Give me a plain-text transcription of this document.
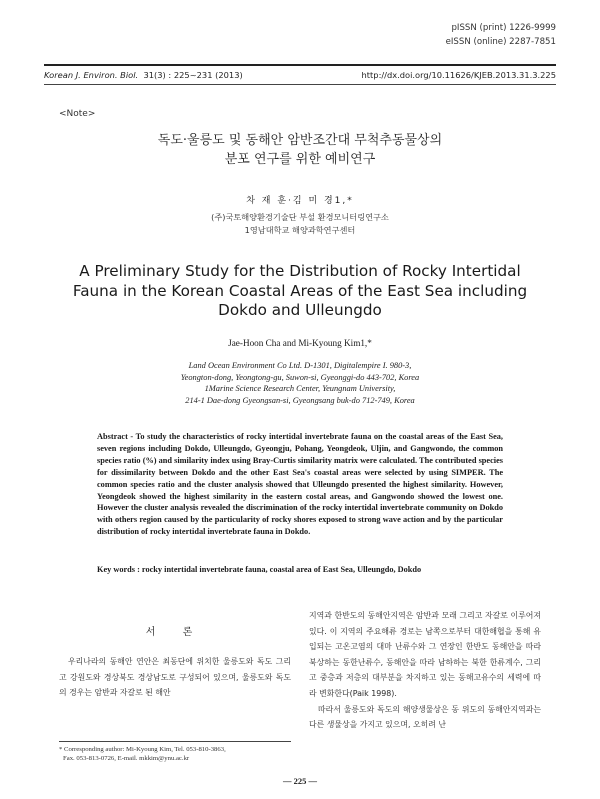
pISSN (print) 1226-9999
eISSN (online) 2287-7851
Korean J. Environ. Biol. 31(3) : 225~231 (2013)	http://dx.doi.org/10.11626/KJEB.2013.31.3.225
<Note>
독도·울릉도 및 동해안 암반조간대 무척추동물상의
분포 연구를 위한 예비연구
차 재 훈·김 미 경1,*
(주)국토해양환경기술단 부설 환경모니터링연구소
1영남대학교 해양과학연구센터
A Preliminary Study for the Distribution of Rocky Intertidal Fauna in the Korean Coastal Areas of the East Sea including Dokdo and Ulleungdo
Jae-Hoon Cha and Mi-Kyoung Kim1,*
Land Ocean Environment Co Ltd. D-1301, Digitalempire I. 980-3,
Yeongton-dong, Yeongtong-gu, Suwon-si, Gyeonggi-do 443-702, Korea
1Marine Science Research Center, Yeungnam University,
214-1 Dae-dong Gyeongsan-si, Gyeongsang buk-do 712-749, Korea
Abstract - To study the characteristics of rocky intertidal invertebrate fauna on the coastal areas of the East Sea, seven regions including Dokdo, Ulleungdo, Gyeongju, Pohang, Yeongdeok, Uljin, and Gangwondo, the common species ratio (%) and similarity index using Bray-Curtis similarity matrix were calculated. The contributed species for dissimilarity between Dokdo and the other East Sea's coastal areas were selected by using SIMPER. The common species ratio and the cluster analysis showed that Ulleungdo presented the highest similarity. However, Yeongdeok showed the highest similarity in the eastern costal areas, and Gangwondo showed the lowest one. However the cluster analysis revealed the discrimination of the rocky intertidal invertebrate community on Dokdo with others region caused by the particularity of rocky shores exposed to strong wave action and by the particular distribution of rocky intertidal invertebrate fauna in Dokdo.
Key words : rocky intertidal invertebrate fauna, coastal area of East Sea, Ulleungdo, Dokdo
서 론
우리나라의 동해안 연안은 최동단에 위치한 울릉도와 독도 그리고 강원도와 경상북도 경상남도로 구성되어 있으며, 울릉도와 독도의 경우는 암반과 자갈로 된 해안
지역과 한반도의 동해안지역은 암반과 모래 그리고 자갈로 이루어져 있다. 이 지역의 주요해류 경로는 남쪽으로부터 대한해협을 통해 유입되는 고온고염의 대마 난류수와 그 연장인 한반도 동해안을 따라 북상하는 동한난류수, 동해안을 따라 남하하는 북한 한류계수, 그리고 중층과 저층의 대부분을 차지하고 있는 동해고유수의 세력에 따라 변화한다(Paik 1998).
따라서 울릉도와 독도의 해양생물상은 동 위도의 동해안지역과는 다른 생물상을 가지고 있으며, 오히려 난
* Corresponding author: Mi-Kyoung Kim, Tel. 053-810-3863,
Fax. 053-813-0726, E-mail. mkkim@ynu.ac.kr
― 225 ―
